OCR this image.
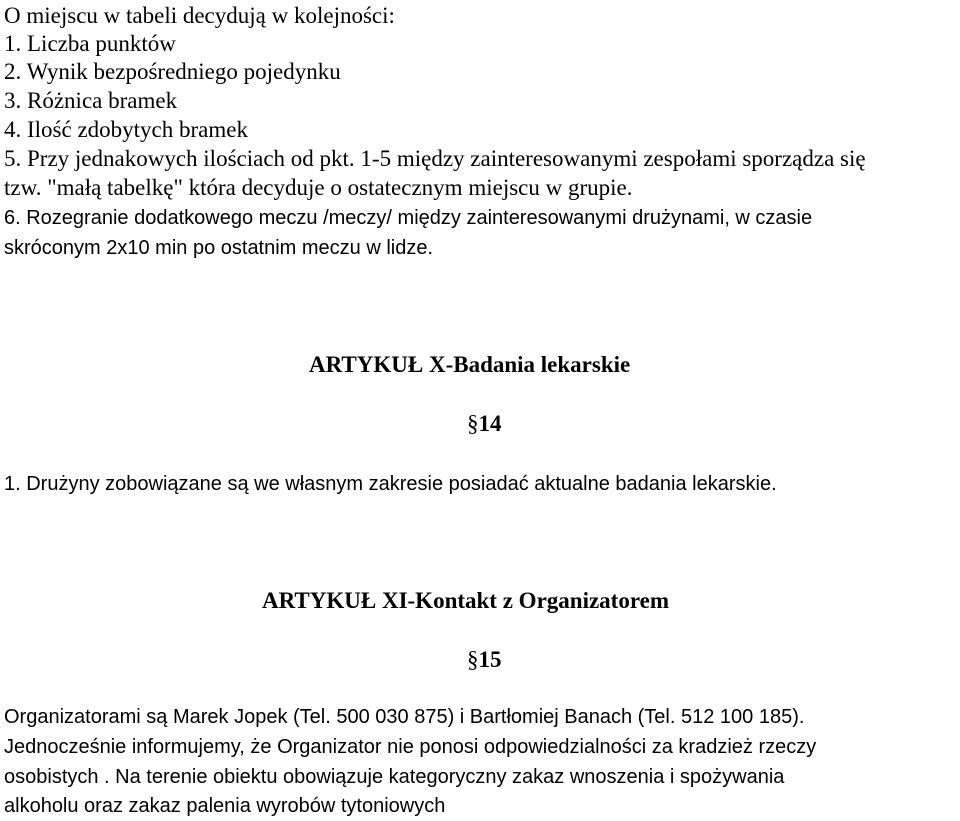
O miejscu w tabeli decydują w kolejności:
1. Liczba punktów
2. Wynik bezpośredniego pojedynku
3. Różnica bramek
4. Ilość zdobytych bramek
5. Przy jednakowych ilościach od pkt. 1-5 między zainteresowanymi zespołami sporządza się
tzw. "małą tabelkę" która decyduje o ostatecznym miejscu w grupie.
6. Rozegranie dodatkowego meczu /meczy/ między zainteresowanymi drużynami, w czasie
skróconym 2x10 min po ostatnim meczu w lidze.
ARTYKUŁ X-Badania lekarskie
§14
1. Drużyny zobowiązane są we własnym zakresie posiadać aktualne badania lekarskie.
ARTYKUŁ XI-Kontakt z Organizatorem
§15
Organizatorami są Marek Jopek (Tel. 500 030 875) i Bartłomiej Banach (Tel. 512 100 185).
Jednocześnie informujemy, że Organizator nie ponosi odpowiedzialności za kradzież rzeczy
osobistych . Na terenie obiektu obowiązuje kategoryczny zakaz wnoszenia i spożywania
alkoholu oraz zakaz palenia wyrobów tytoniowych
